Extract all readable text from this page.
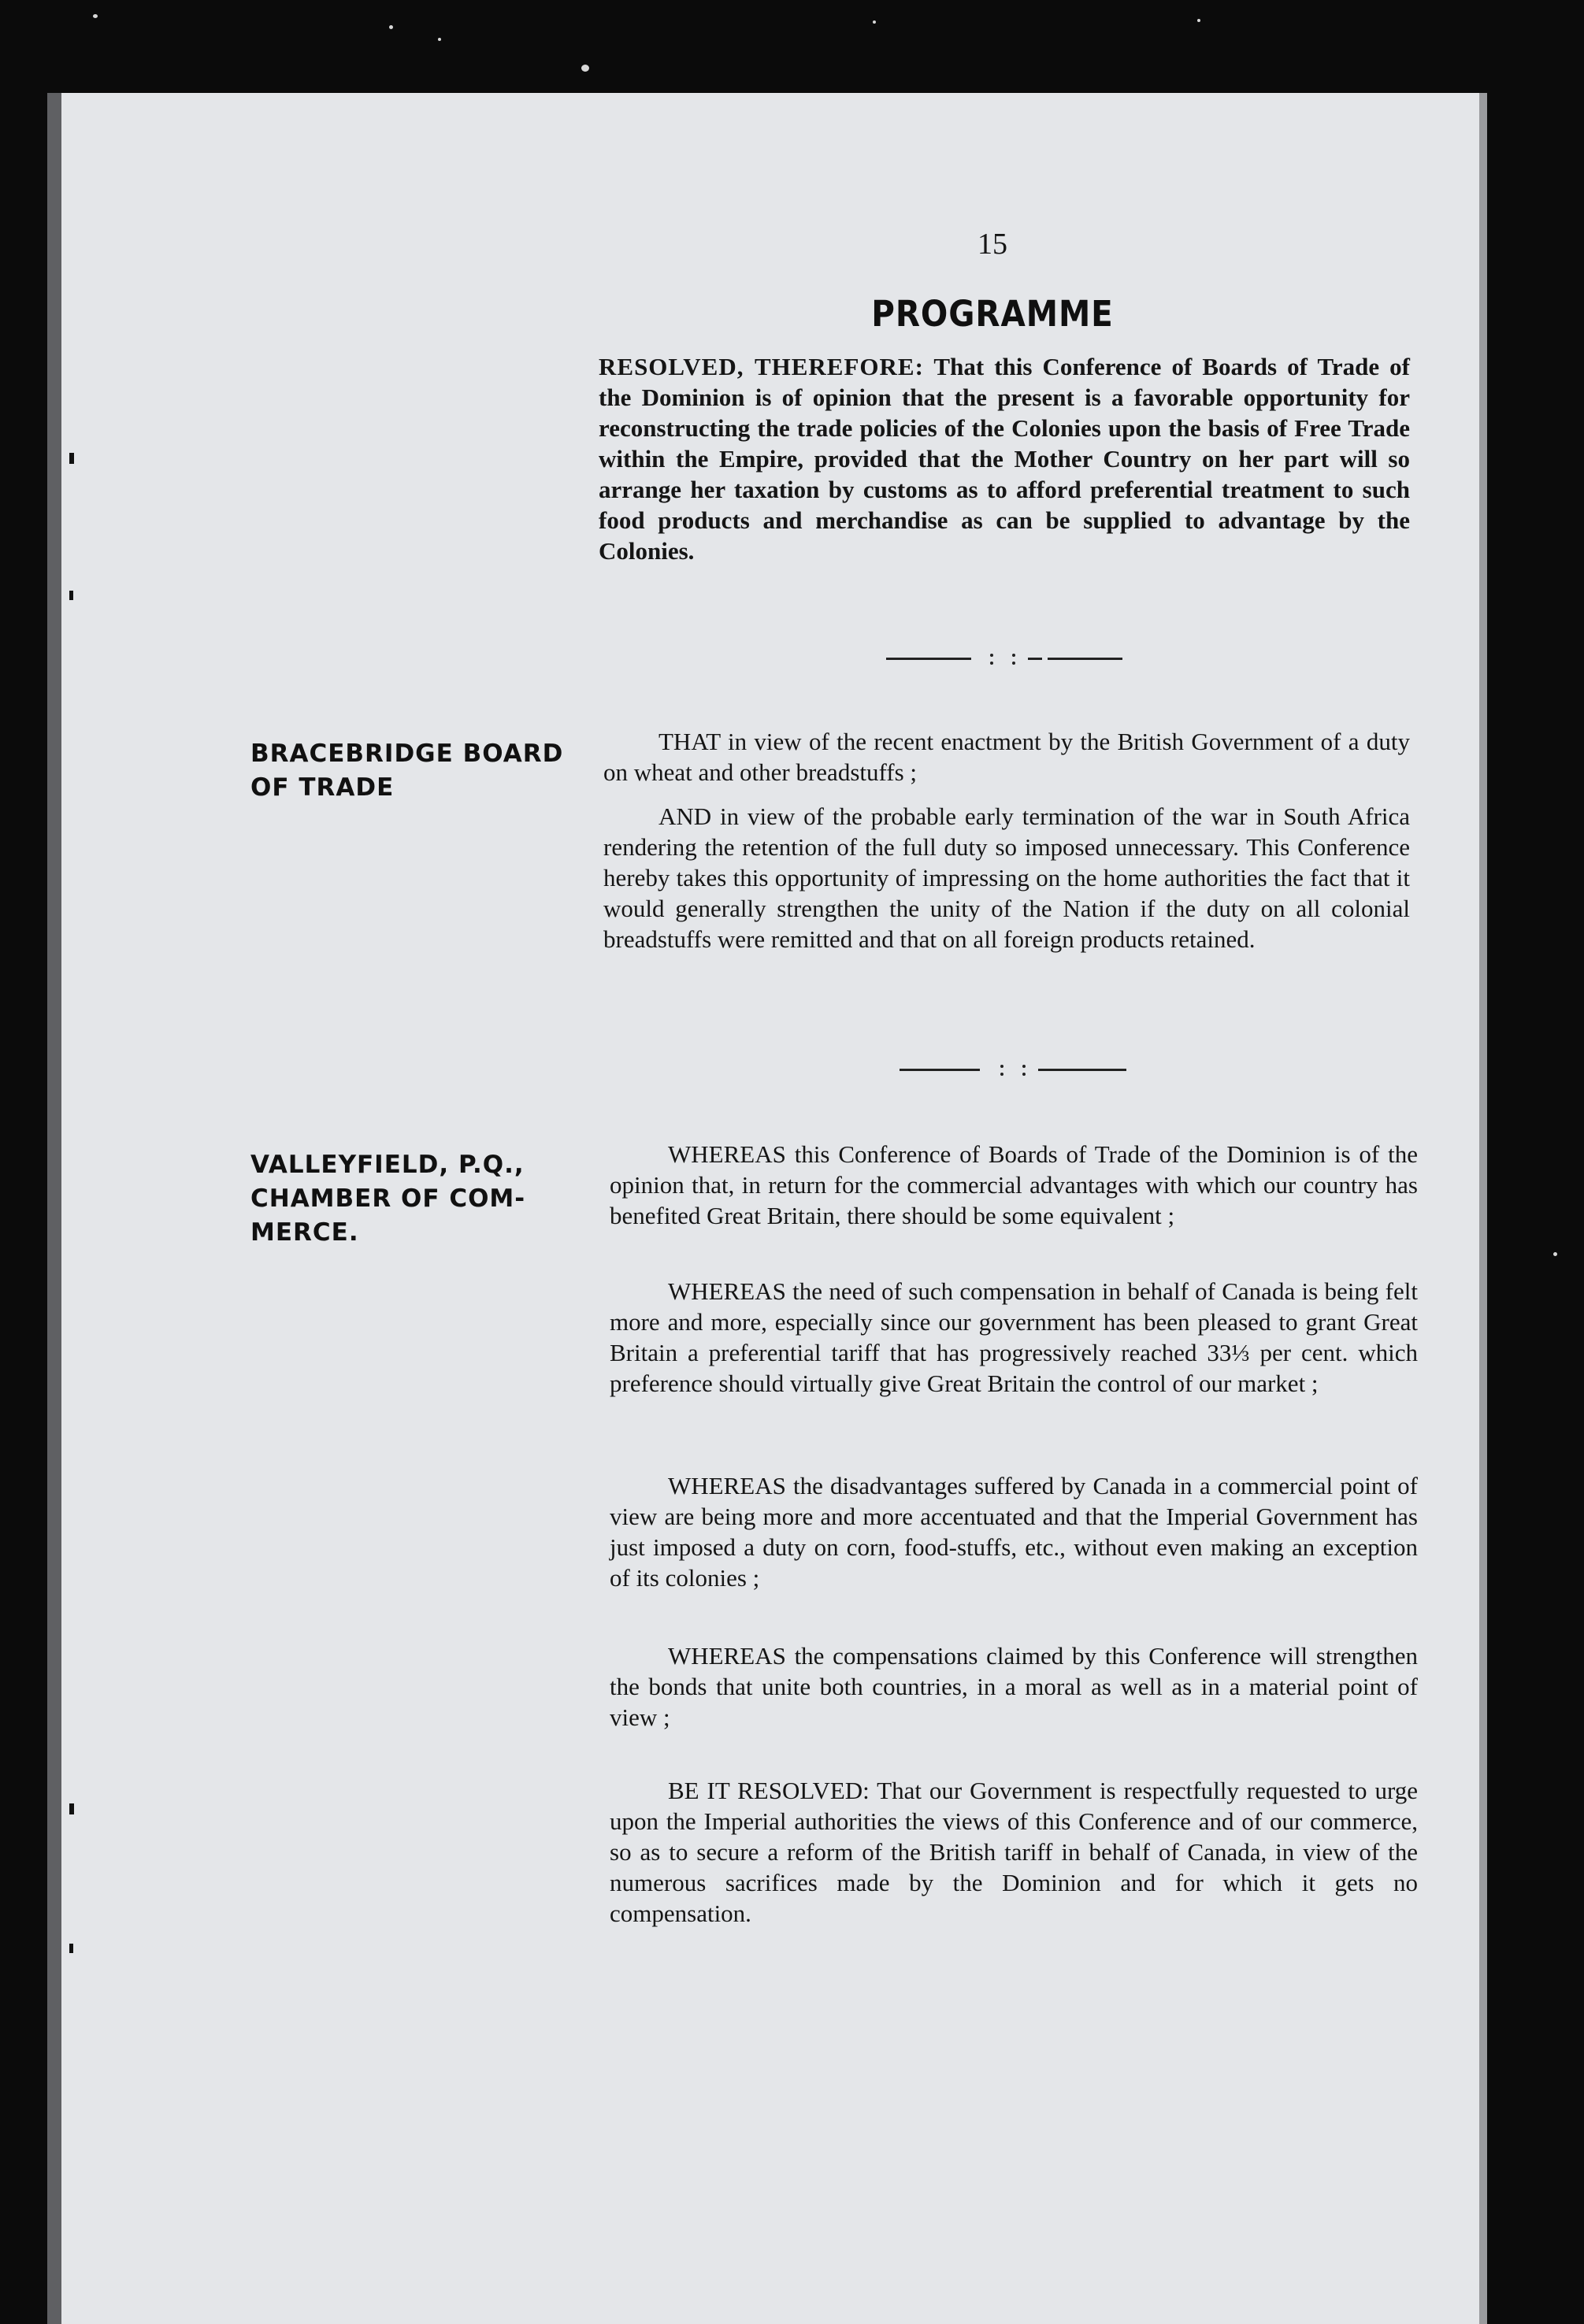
15
PROGRAMME
RESOLVED, THEREFORE: That this Conference of Boards of Trade of the Dominion is of opinion that the present is a favorable opportunity for reconstructing the trade policies of the Colonies upon the basis of Free Trade within the Empire, provided that the Mother Country on her part will so arrange her taxation by customs as to afford preferential treatment to such food products and merchandise as can be supplied to advantage by the Colonies.
BRACEBRIDGE BOARD
OF TRADE
THAT in view of the recent enactment by the British Government of a duty on wheat and other breadstuffs ;
AND in view of the probable early termination of the war in South Africa rendering the retention of the full duty so imposed unnecessary. This Conference hereby takes this opportunity of impressing on the home authorities the fact that it would generally strengthen the unity of the Nation if the duty on all colonial breadstuffs were remitted and that on all foreign products retained.
VALLEYFIELD, P.Q.,
CHAMBER OF COM-
MERCE.
WHEREAS this Conference of Boards of Trade of the Dominion is of the opinion that, in return for the commercial advantages with which our country has benefited Great Britain, there should be some equivalent ;
WHEREAS the need of such compensation in behalf of Canada is being felt more and more, especially since our government has been pleased to grant Great Britain a preferential tariff that has progressively reached 33⅓ per cent. which preference should virtually give Great Britain the control of our market ;
WHEREAS the disadvantages suffered by Canada in a commercial point of view are being more and more accentuated and that the Imperial Government has just imposed a duty on corn, food-stuffs, etc., without even making an exception of its colonies ;
WHEREAS the compensations claimed by this Conference will strengthen the bonds that unite both countries, in a moral as well as in a material point of view ;
BE IT RESOLVED: That our Government is respectfully requested to urge upon the Imperial authorities the views of this Conference and of our commerce, so as to secure a reform of the British tariff in behalf of Canada, in view of the numerous sacrifices made by the Dominion and for which it gets no compensation.
